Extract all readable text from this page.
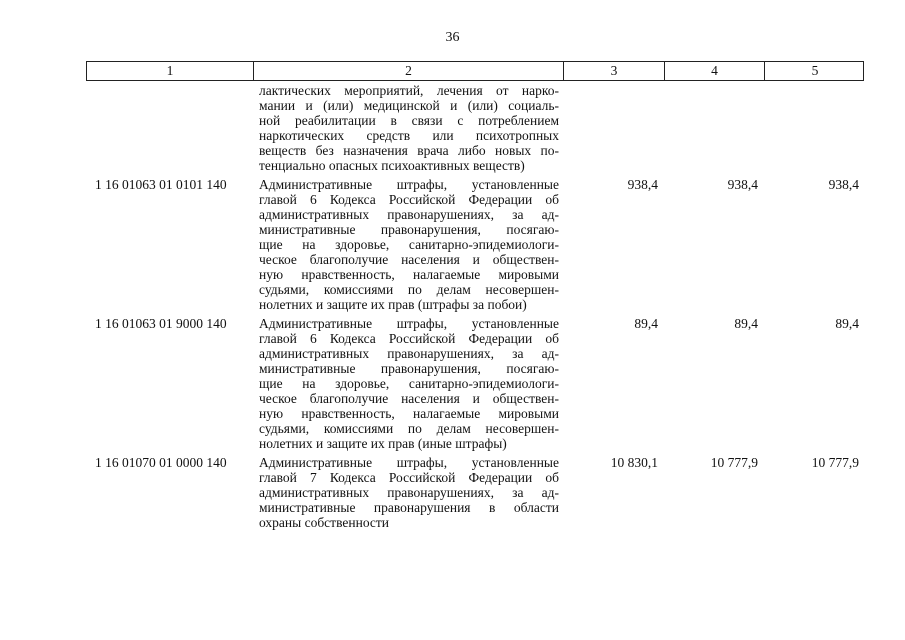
36
1	2	3	4	5
лактических мероприятий, лечения от нарко-
мании и (или) медицинской и (или) социаль-
ной реабилитации в связи с потреблением
наркотических средств или психотропных
веществ без назначения врача либо новых по-
тенциально опасных психоактивных веществ)
1 16 01063 01 0101 140	Административные штрафы, установленные
главой 6 Кодекса Российской Федерации об
административных правонарушениях, за ад-
министративные правонарушения, посягаю-
щие на здоровье, санитарно-эпидемиологи-
ческое благополучие населения и обществен-
ную нравственность, налагаемые мировыми
судьями, комиссиями по делам несовершен-
нолетних и защите их прав (штрафы за побои)
938,4	938,4	938,4
1 16 01063 01 9000 140	Административные штрафы, установленные
главой 6 Кодекса Российской Федерации об
административных правонарушениях, за ад-
министративные правонарушения, посягаю-
щие на здоровье, санитарно-эпидемиологи-
ческое благополучие населения и обществен-
ную нравственность, налагаемые мировыми
судьями, комиссиями по делам несовершен-
нолетних и защите их прав (иные штрафы)
89,4	89,4	89,4
1 16 01070 01 0000 140	Административные штрафы, установленные
главой 7 Кодекса Российской Федерации об
административных правонарушениях, за ад-
министративные правонарушения в области
охраны собственности
10 830,1	10 777,9	10 777,9
